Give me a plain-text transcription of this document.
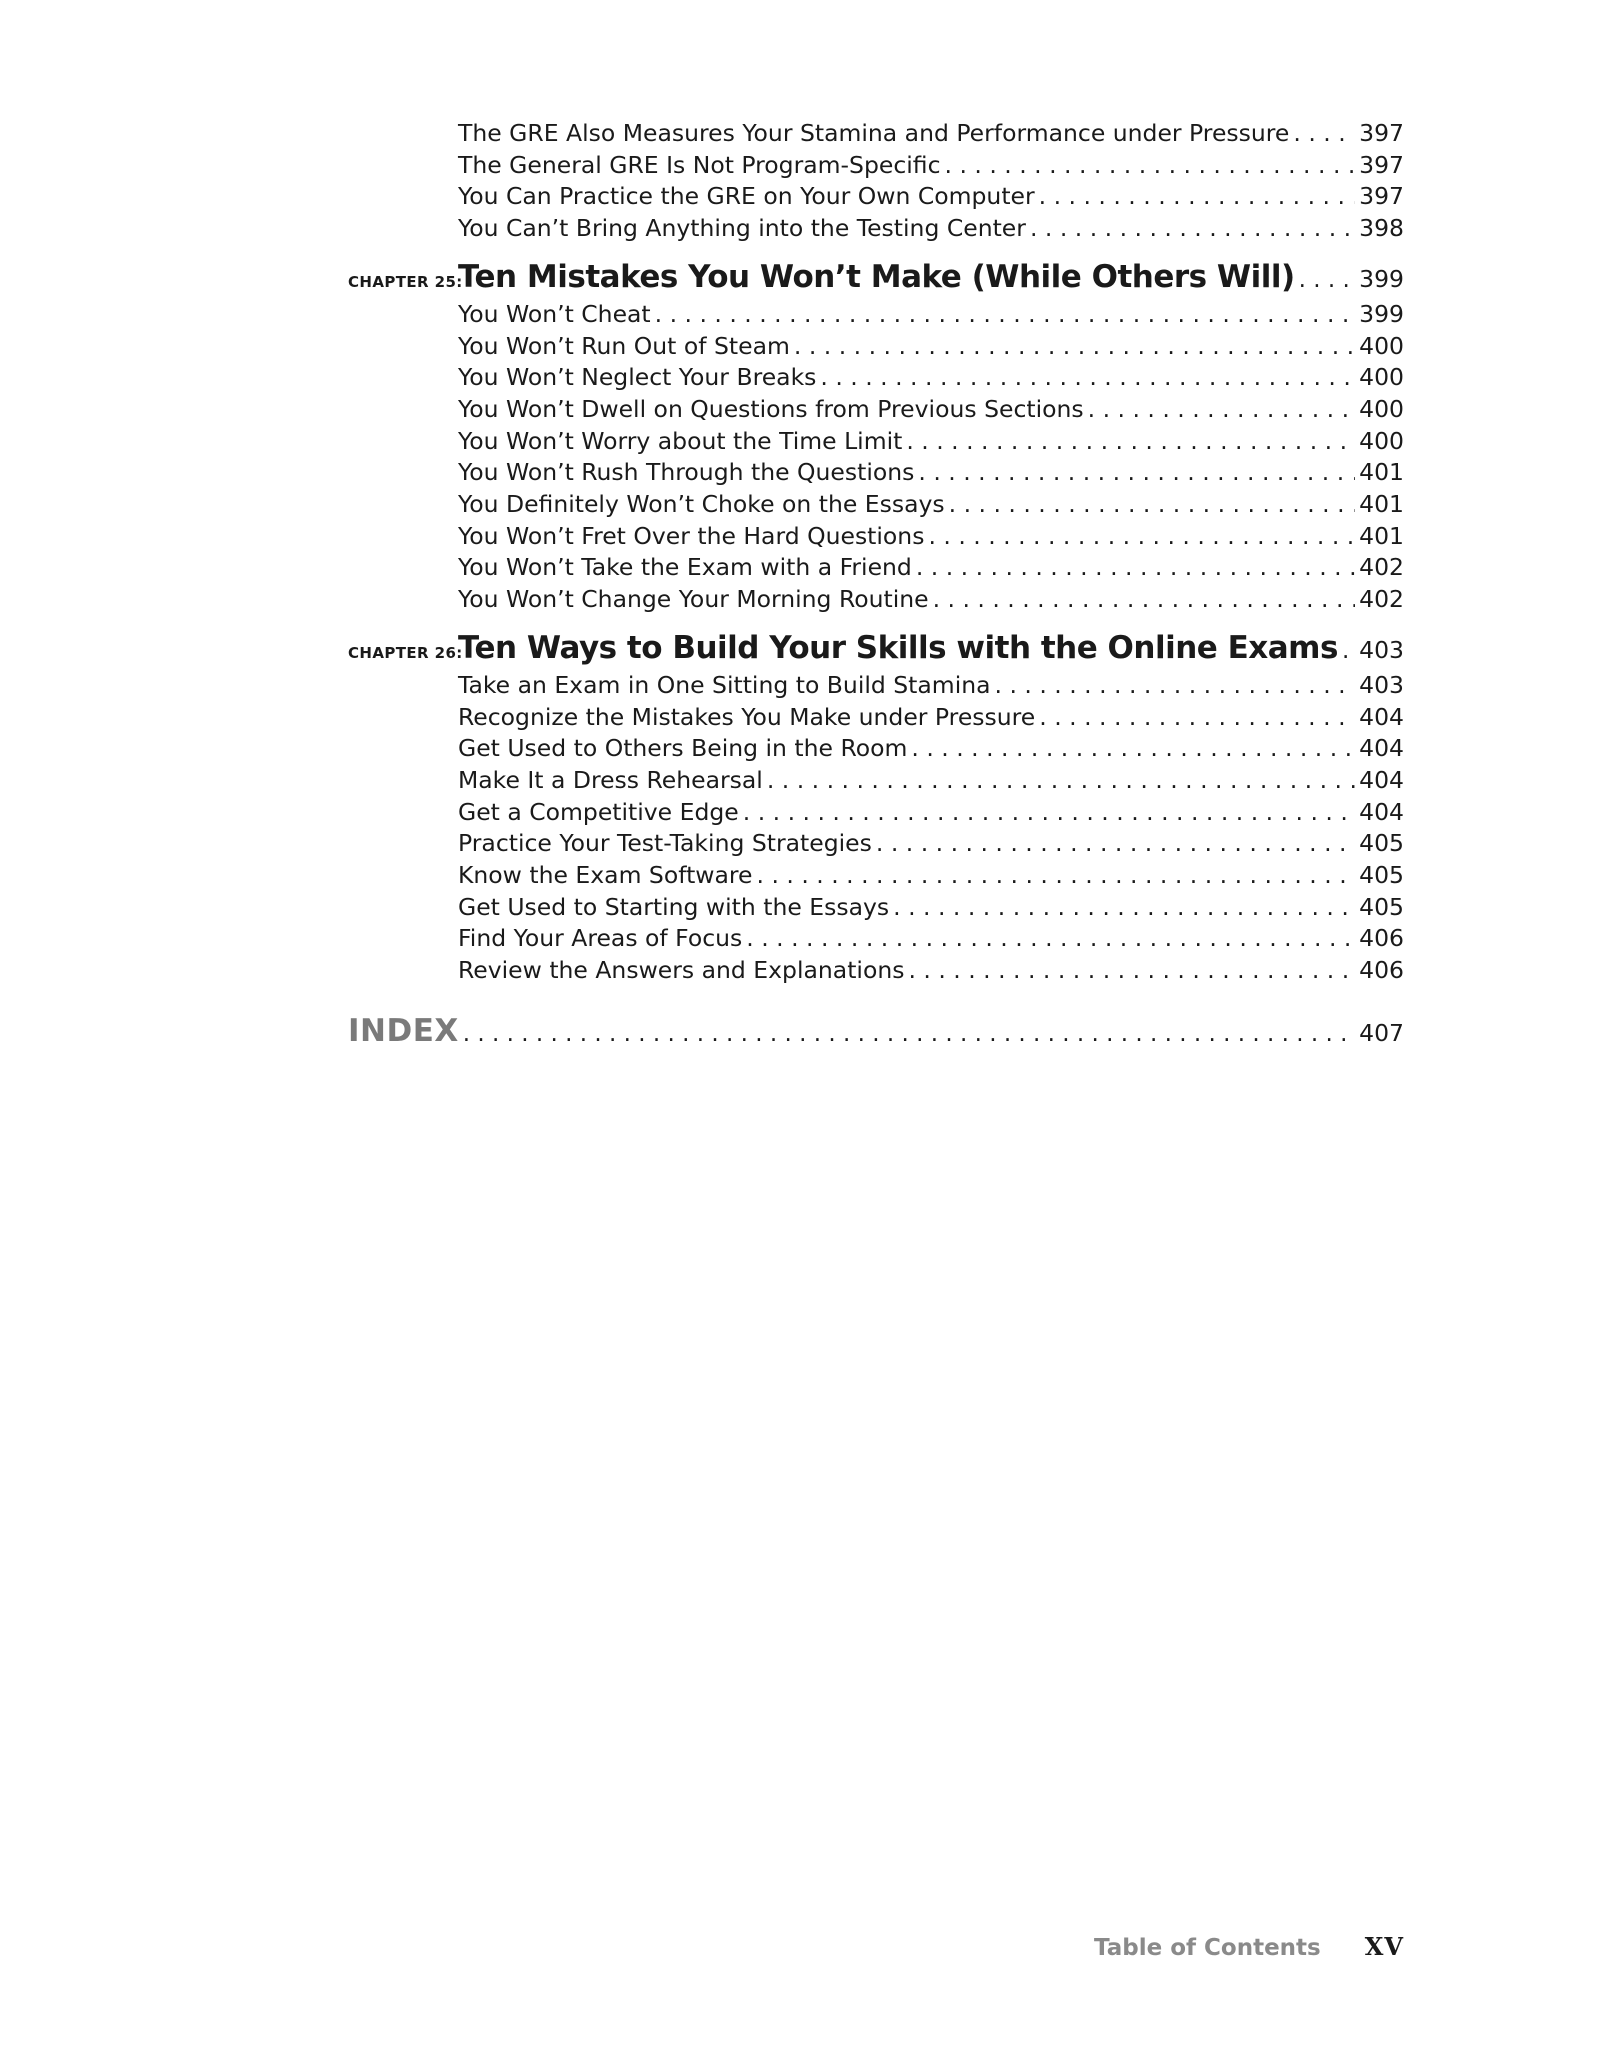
The GRE Also Measures Your Stamina and Performance under Pressure . . .	397
The General GRE Is Not Program-Specific . . .	397
You Can Practice the GRE on Your Own Computer . . .	397
You Can’t Bring Anything into the Testing Center . . .	398
CHAPTER 25:
Ten Mistakes You Won’t Make (While Others Will) . . .	399
You Won’t Cheat . . .	399
You Won’t Run Out of Steam . . .	400
You Won’t Neglect Your Breaks . . .	400
You Won’t Dwell on Questions from Previous Sections . . .	400
You Won’t Worry about the Time Limit . . .	400
You Won’t Rush Through the Questions . . .	401
You Definitely Won’t Choke on the Essays . . .	401
You Won’t Fret Over the Hard Questions . . .	401
You Won’t Take the Exam with a Friend . . .	402
You Won’t Change Your Morning Routine . . .	402
CHAPTER 26:
Ten Ways to Build Your Skills with the Online Exams . . . 403
Take an Exam in One Sitting to Build Stamina . . .	403
Recognize the Mistakes You Make under Pressure . . .	404
Get Used to Others Being in the Room . . .	404
Make It a Dress Rehearsal . . .	404
Get a Competitive Edge . . .	404
Practice Your Test-Taking Strategies . . .	405
Know the Exam Software . . .	405
Get Used to Starting with the Essays . . .	405
Find Your Areas of Focus . . .	406
Review the Answers and Explanations . . .	406
INDEX . . .	407
Table of Contents XV
